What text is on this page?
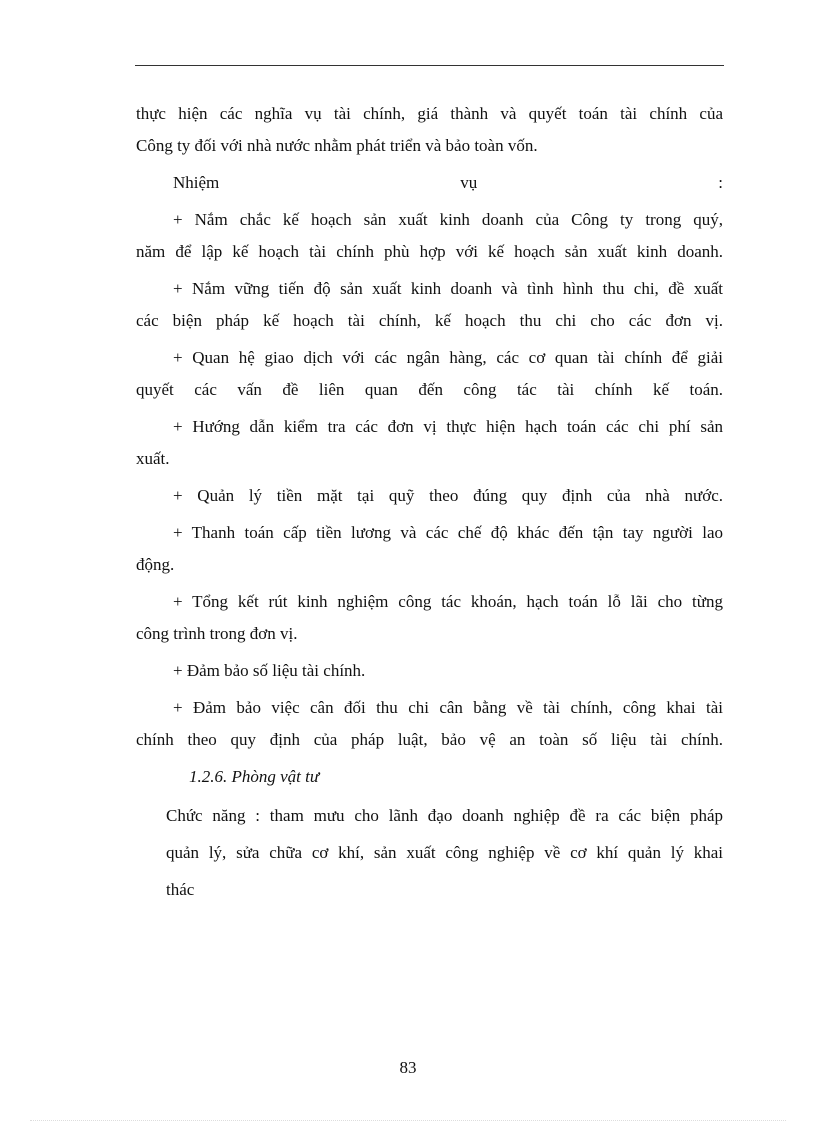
thực hiện các nghĩa vụ tài chính, giá thành và quyết toán tài chính của
Công ty đối với nhà nước nhằm phát triển và bảo toàn vốn.

Nhiệm	vụ	:

+ Nắm chắc kế hoạch sản xuất kinh doanh của Công ty trong quý,
năm để lập kế hoạch tài chính phù hợp với kế hoạch sản xuất kinh doanh.

+ Nắm vững tiến độ sản xuất kinh doanh và tình hình thu chi, đề xuất
các biện pháp kế hoạch tài chính, kế hoạch thu chi cho các đơn vị.

+ Quan hệ giao dịch với các ngân hàng, các cơ quan tài chính để giải
quyết các vấn đề liên quan đến công tác tài chính kế toán.

+ Hướng dẫn kiểm tra các đơn vị thực hiện hạch toán các chi phí sản
xuất.

+ Quản lý tiền mặt tại quỹ theo đúng quy định của nhà nước.

+ Thanh toán cấp tiền lương và các chế độ khác đến tận tay người lao
động.

+ Tổng kết rút kinh nghiệm công tác khoán, hạch toán lỗ lãi cho từng
công trình trong đơn vị.

+ Đảm bảo số liệu tài chính.

+ Đảm bảo việc cân đối thu chi cân bằng về tài chính, công khai tài
chính theo quy định của pháp luật, bảo vệ an toàn số liệu tài chính.

1.2.6. Phòng vật tư

Chức năng : tham mưu cho lãnh đạo doanh nghiệp đề ra các biện pháp

quản lý, sửa chữa cơ khí, sản xuất công nghiệp về cơ khí quản lý khai

thác

83
